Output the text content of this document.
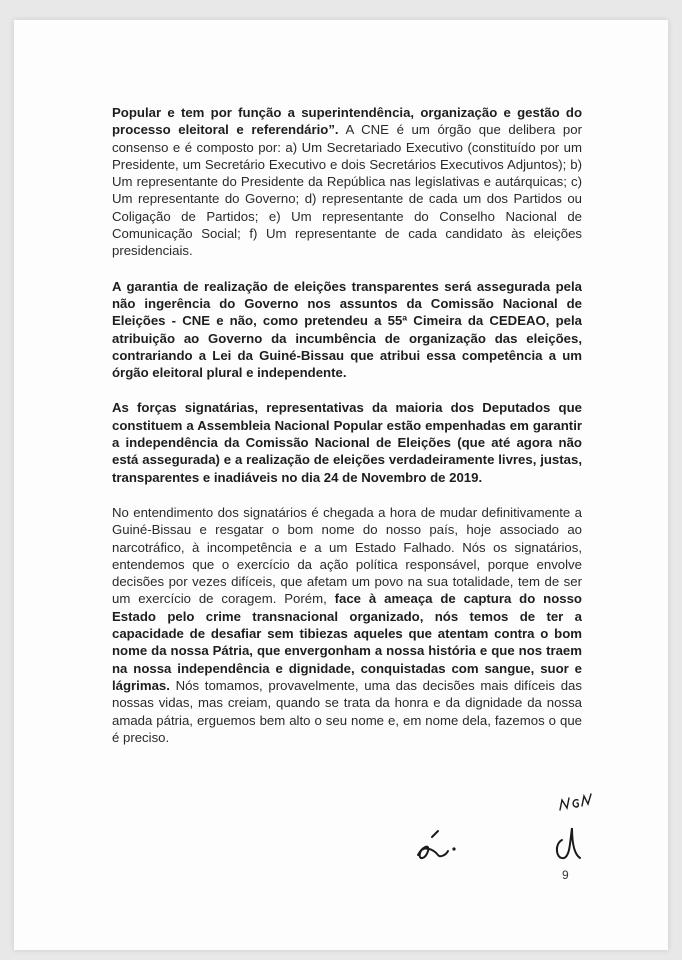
Popular e tem por função a superintendência, organização e gestão do processo eleitoral e referendário”. A CNE é um órgão que delibera por consenso e é composto por: a) Um Secretariado Executivo (constituído por um Presidente, um Secretário Executivo e dois Secretários Executivos Adjuntos); b) Um representante do Presidente da República nas legislativas e autárquicas; c) Um representante do Governo; d) representante de cada um dos Partidos ou Coligação de Partidos; e) Um representante do Conselho Nacional de Comunicação Social; f) Um representante de cada candidato às eleições presidenciais.

A garantia de realização de eleições transparentes será assegurada pela não ingerência do Governo nos assuntos da Comissão Nacional de Eleições - CNE e não, como pretendeu a 55ª Cimeira da CEDEAO, pela atribuição ao Governo da incumbência de organização das eleições, contrariando a Lei da Guiné-Bissau que atribui essa competência a um órgão eleitoral plural e independente.

As forças signatárias, representativas da maioria dos Deputados que constituem a Assembleia Nacional Popular estão empenhadas em garantir a independência da Comissão Nacional de Eleições (que até agora não está assegurada) e a realização de eleições verdadeiramente livres, justas, transparentes e inadiáveis no dia 24 de Novembro de 2019.

No entendimento dos signatários é chegada a hora de mudar definitivamente a Guiné-Bissau e resgatar o bom nome do nosso país, hoje associado ao narcotráfico, à incompetência e a um Estado Falhado. Nós os signatários, entendemos que o exercício da ação política responsável, porque envolve decisões por vezes difíceis, que afetam um povo na sua totalidade, tem de ser um exercício de coragem. Porém, face à ameaça de captura do nosso Estado pelo crime transnacional organizado, nós temos de ter a capacidade de desafiar sem tibiezas aqueles que atentam contra o bom nome da nossa Pátria, que envergonham a nossa história e que nos traem na nossa independência e dignidade, conquistadas com sangue, suor e lágrimas. Nós tomamos, provavelmente, uma das decisões mais difíceis das nossas vidas, mas creiam, quando se trata da honra e da dignidade da nossa amada pátria, erguemos bem alto o seu nome e, em nome dela, fazemos o que é preciso.

9
